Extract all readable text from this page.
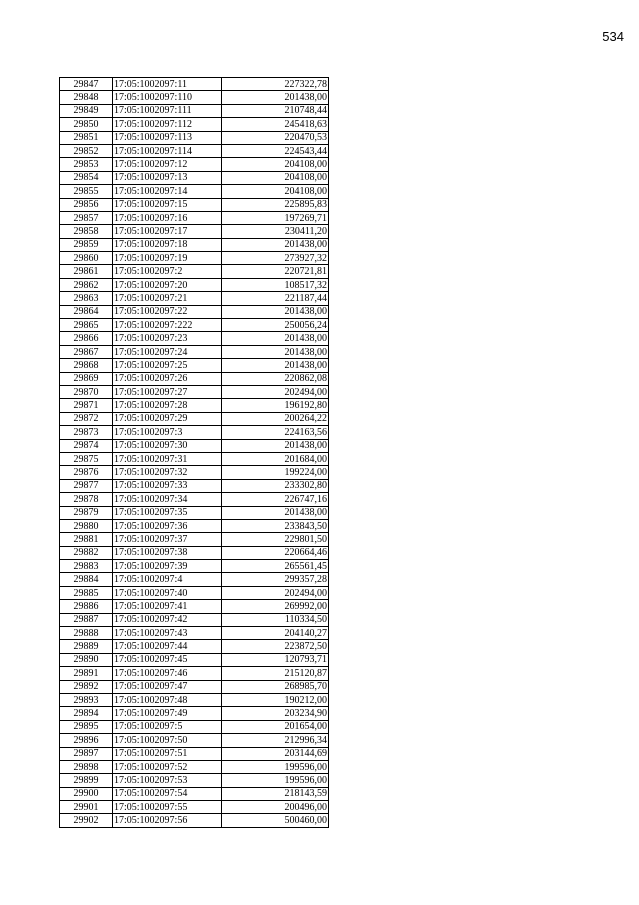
534
29847	17:05:1002097:11	227322,78
29848	17:05:1002097:110	201438,00
29849	17:05:1002097:111	210748,44
29850	17:05:1002097:112	245418,63
29851	17:05:1002097:113	220470,53
29852	17:05:1002097:114	224543,44
29853	17:05:1002097:12	204108,00
29854	17:05:1002097:13	204108,00
29855	17:05:1002097:14	204108,00
29856	17:05:1002097:15	225895,83
29857	17:05:1002097:16	197269,71
29858	17:05:1002097:17	230411,20
29859	17:05:1002097:18	201438,00
29860	17:05:1002097:19	273927,32
29861	17:05:1002097:2	220721,81
29862	17:05:1002097:20	108517,32
29863	17:05:1002097:21	221187,44
29864	17:05:1002097:22	201438,00
29865	17:05:1002097:222	250056,24
29866	17:05:1002097:23	201438,00
29867	17:05:1002097:24	201438,00
29868	17:05:1002097:25	201438,00
29869	17:05:1002097:26	220862,08
29870	17:05:1002097:27	202494,00
29871	17:05:1002097:28	196192,80
29872	17:05:1002097:29	200264,22
29873	17:05:1002097:3	224163,56
29874	17:05:1002097:30	201438,00
29875	17:05:1002097:31	201684,00
29876	17:05:1002097:32	199224,00
29877	17:05:1002097:33	233302,80
29878	17:05:1002097:34	226747,16
29879	17:05:1002097:35	201438,00
29880	17:05:1002097:36	233843,50
29881	17:05:1002097:37	229801,50
29882	17:05:1002097:38	220664,46
29883	17:05:1002097:39	265561,45
29884	17:05:1002097:4	299357,28
29885	17:05:1002097:40	202494,00
29886	17:05:1002097:41	269992,00
29887	17:05:1002097:42	110334,50
29888	17:05:1002097:43	204140,27
29889	17:05:1002097:44	223872,50
29890	17:05:1002097:45	120793,71
29891	17:05:1002097:46	215120,87
29892	17:05:1002097:47	268985,70
29893	17:05:1002097:48	190212,00
29894	17:05:1002097:49	203234,90
29895	17:05:1002097:5	201654,00
29896	17:05:1002097:50	212996,34
29897	17:05:1002097:51	203144,69
29898	17:05:1002097:52	199596,00
29899	17:05:1002097:53	199596,00
29900	17:05:1002097:54	218143,59
29901	17:05:1002097:55	200496,00
29902	17:05:1002097:56	500460,00
